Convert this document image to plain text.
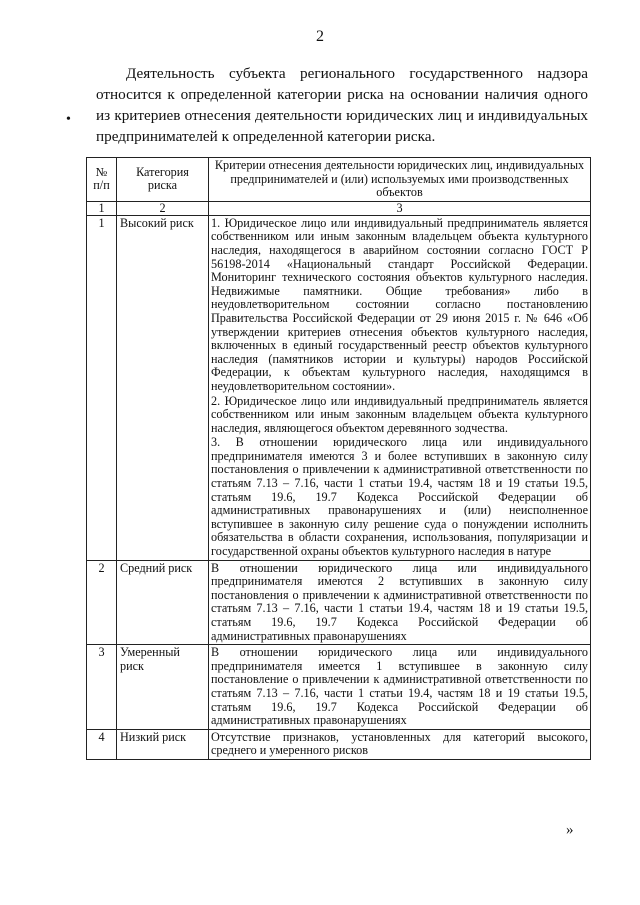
2

Деятельность субъекта регионального государственного надзора относится к определенной категории риска на основании наличия одного из критериев отнесения деятельности юридических лиц и индивидуальных предпринимателей к определенной категории риска.

•
№ п/п	Категория риска	Критерии отнесения деятельности юридических лиц, индивидуальных предпринимателей и (или) используемых ими производственных объектов
1	2	3
1	Высокий риск	1. Юридическое лицо или индивидуальный предприниматель является собственником или иным законным владельцем объекта культурного наследия, находящегося в аварийном состоянии согласно ГОСТ Р 56198-2014 «Национальный стандарт Российской Федерации. Мониторинг технического состояния объектов культурного наследия. Недвижимые памятники. Общие требования» либо в неудовлетворительном состоянии согласно постановлению Правительства Российской Федерации от 29 июня 2015 г. № 646 «Об утверждении критериев отнесения объектов культурного наследия, включенных в единый государственный реестр объектов культурного наследия (памятников истории и культуры) народов Российской Федерации, к объектам культурного наследия, находящимся в неудовлетворительном состоянии».

2. Юридическое лицо или индивидуальный предприниматель является собственником или иным законным владельцем объекта культурного наследия, являющегося объектом деревянного зодчества.

3. В отношении юридического лица или индивидуального предпринимателя имеются 3 и более вступивших в законную силу постановления о привлечении к административной ответственности по статьям 7.13 – 7.16, части 1 статьи 19.4, частям 18 и 19 статьи 19.5, статьям 19.6, 19.7 Кодекса Российской Федерации об административных правонарушениях и (или) неисполненное вступившее в законную силу решение суда о понуждении исполнить обязательства в области сохранения, использования, популяризации и государственной охраны объектов культурного наследия в натуре

2	Средний риск	В отношении юридического лица или индивидуального предпринимателя имеются 2 вступивших в законную силу постановления о привлечении к административной ответственности по статьям 7.13 – 7.16, части 1 статьи 19.4, частям 18 и 19 статьи 19.5, статьям 19.6, 19.7 Кодекса Российской Федерации об административных правонарушениях

3	Умеренный риск	В отношении юридического лица или индивидуального предпринимателя имеется 1 вступившее в законную силу постановление о привлечении к административной ответственности по статьям 7.13 – 7.16, части 1 статьи 19.4, частям 18 и 19 статьи 19.5, статьям 19.6, 19.7 Кодекса Российской Федерации об административных правонарушениях

4	Низкий риск	Отсутствие признаков, установленных для категорий высокого, среднего и умеренного рисков

»
